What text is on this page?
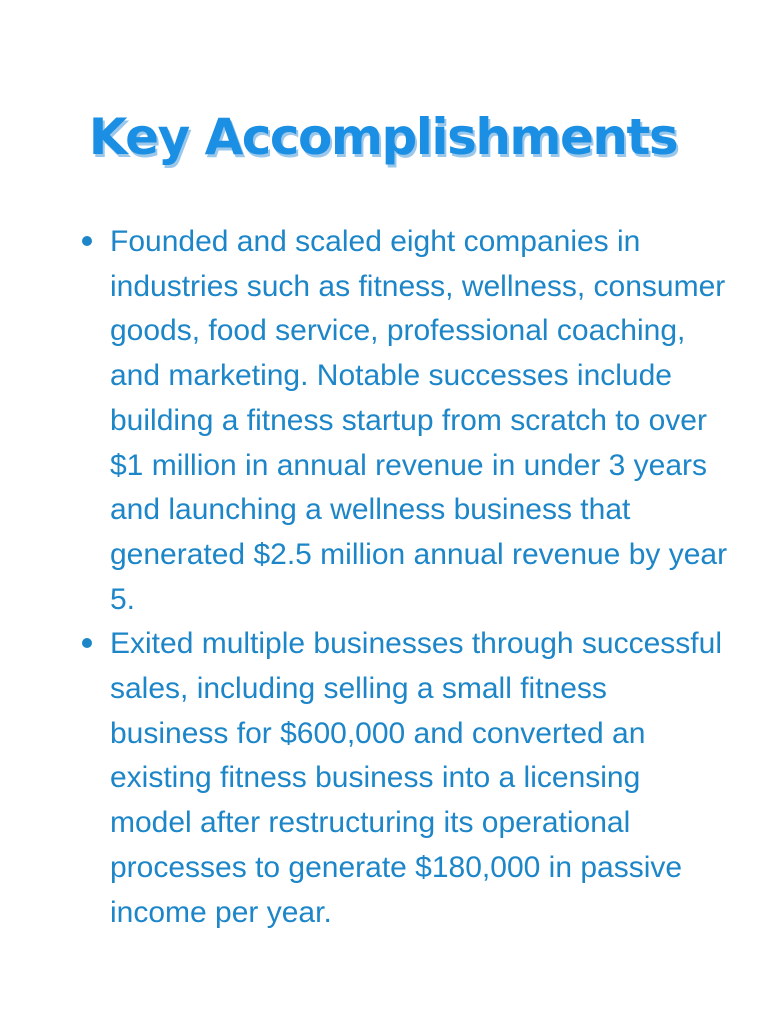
Key Accomplishments
Founded and scaled eight companies in industries such as fitness, wellness, consumer goods, food service, professional coaching, and marketing. Notable successes include building a fitness startup from scratch to over $1 million in annual revenue in under 3 years and launching a wellness business that generated $2.5 million annual revenue by year 5.
Exited multiple businesses through successful sales, including selling a small fitness business for $600,000 and converted an existing fitness business into a licensing model after restructuring its operational processes to generate $180,000 in passive income per year.
